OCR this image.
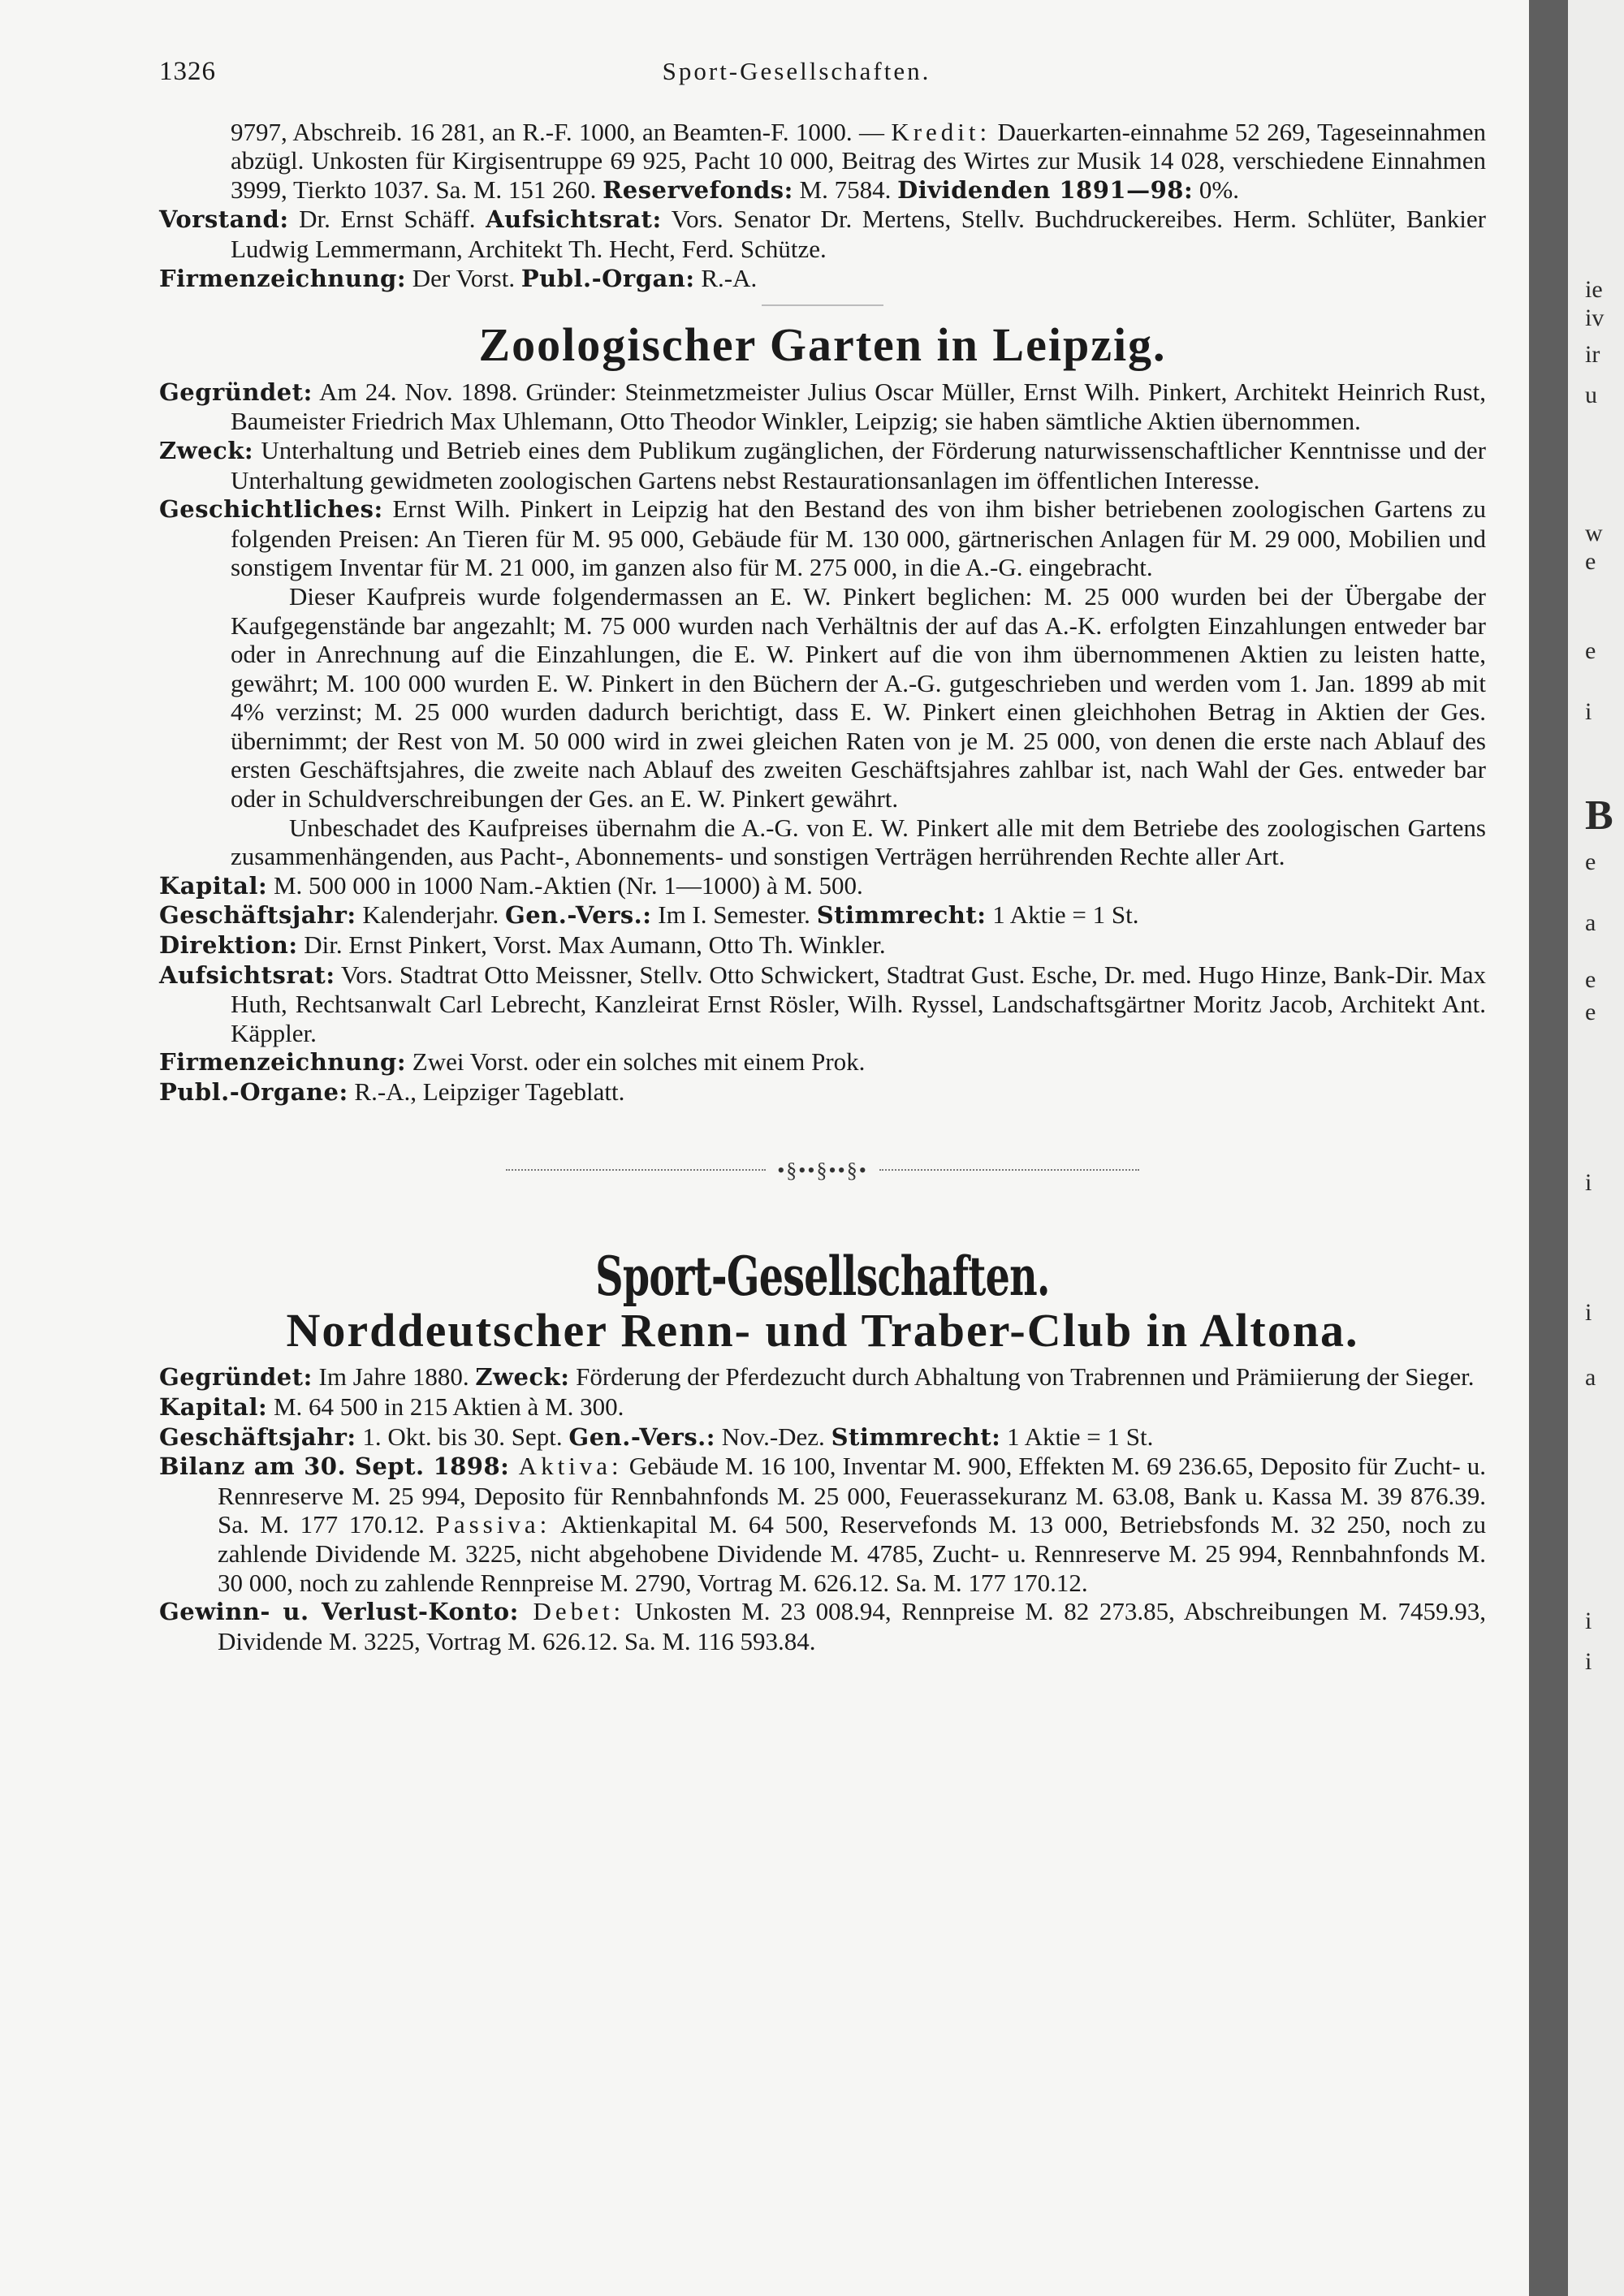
1326	Sport-Gesellschaften.

9797, Abschreib. 16 281, an R.-F. 1000, an Beamten-F. 1000. — Kredit: Dauerkarten-einnahme 52 269, Tageseinnahmen abzügl. Unkosten für Kirgisentruppe 69 925, Pacht 10 000, Beitrag des Wirtes zur Musik 14 028, verschiedene Einnahmen 3999, Tierkto 1037. Sa. M. 151 260. Reservefonds: M. 7584. Dividenden 1891—98: 0%.

Vorstand: Dr. Ernst Schäff. Aufsichtsrat: Vors. Senator Dr. Mertens, Stellv. Buchdruckereibes. Herm. Schlüter, Bankier Ludwig Lemmermann, Architekt Th. Hecht, Ferd. Schütze.

Firmenzeichnung: Der Vorst. Publ.-Organ: R.-A.

Zoologischer Garten in Leipzig.

Gegründet: Am 24. Nov. 1898. Gründer: Steinmetzmeister Julius Oscar Müller, Ernst Wilh. Pinkert, Architekt Heinrich Rust, Baumeister Friedrich Max Uhlemann, Otto Theodor Winkler, Leipzig; sie haben sämtliche Aktien übernommen.

Zweck: Unterhaltung und Betrieb eines dem Publikum zugänglichen, der Förderung naturwissenschaftlicher Kenntnisse und der Unterhaltung gewidmeten zoologischen Gartens nebst Restaurationsanlagen im öffentlichen Interesse.

Geschichtliches: Ernst Wilh. Pinkert in Leipzig hat den Bestand des von ihm bisher betriebenen zoologischen Gartens zu folgenden Preisen: An Tieren für M. 95 000, Gebäude für M. 130 000, gärtnerischen Anlagen für M. 29 000, Mobilien und sonstigem Inventar für M. 21 000, im ganzen also für M. 275 000, in die A.-G. eingebracht.

Dieser Kaufpreis wurde folgendermassen an E. W. Pinkert beglichen: M. 25 000 wurden bei der Übergabe der Kaufgegenstände bar angezahlt; M. 75 000 wurden nach Verhältnis der auf das A.-K. erfolgten Einzahlungen entweder bar oder in Anrechnung auf die Einzahlungen, die E. W. Pinkert auf die von ihm übernommenen Aktien zu leisten hatte, gewährt; M. 100 000 wurden E. W. Pinkert in den Büchern der A.-G. gutgeschrieben und werden vom 1. Jan. 1899 ab mit 4% verzinst; M. 25 000 wurden dadurch berichtigt, dass E. W. Pinkert einen gleichhohen Betrag in Aktien der Ges. übernimmt; der Rest von M. 50 000 wird in zwei gleichen Raten von je M. 25 000, von denen die erste nach Ablauf des ersten Geschäftsjahres, die zweite nach Ablauf des zweiten Geschäftsjahres zahlbar ist, nach Wahl der Ges. entweder bar oder in Schuldverschreibungen der Ges. an E. W. Pinkert gewährt.

Unbeschadet des Kaufpreises übernahm die A.-G. von E. W. Pinkert alle mit dem Betriebe des zoologischen Gartens zusammenhängenden, aus Pacht-, Abonnements- und sonstigen Verträgen herrührenden Rechte aller Art.

Kapital: M. 500 000 in 1000 Nam.-Aktien (Nr. 1—1000) à M. 500.

Geschäftsjahr: Kalenderjahr. Gen.-Vers.: Im I. Semester. Stimmrecht: 1 Aktie = 1 St.

Direktion: Dir. Ernst Pinkert, Vorst. Max Aumann, Otto Th. Winkler.

Aufsichtsrat: Vors. Stadtrat Otto Meissner, Stellv. Otto Schwickert, Stadtrat Gust. Esche, Dr. med. Hugo Hinze, Bank-Dir. Max Huth, Rechtsanwalt Carl Lebrecht, Kanzleirat Ernst Rösler, Wilh. Ryssel, Landschaftsgärtner Moritz Jacob, Architekt Ant. Käppler.

Firmenzeichnung: Zwei Vorst. oder ein solches mit einem Prok.

Publ.-Organe: R.-A., Leipziger Tageblatt.

•§••§••§•
Sport-Gesellschaften.
Norddeutscher Renn- und Traber-Club in Altona.

Gegründet: Im Jahre 1880. Zweck: Förderung der Pferdezucht durch Abhaltung von Trabrennen und Prämiierung der Sieger.

Kapital: M. 64 500 in 215 Aktien à M. 300.

Geschäftsjahr: 1. Okt. bis 30. Sept. Gen.-Vers.: Nov.-Dez. Stimmrecht: 1 Aktie = 1 St.

Bilanz am 30. Sept. 1898: Aktiva: Gebäude M. 16 100, Inventar M. 900, Effekten M. 69 236.65, Deposito für Zucht- u. Rennreserve M. 25 994, Deposito für Rennbahnfonds M. 25 000, Feuerassekuranz M. 63.08, Bank u. Kassa M. 39 876.39. Sa. M. 177 170.12. Passiva: Aktienkapital M. 64 500, Reservefonds M. 13 000, Betriebsfonds M. 32 250, noch zu zahlende Dividende M. 3225, nicht abgehobene Dividende M. 4785, Zucht- u. Rennreserve M. 25 994, Rennbahnfonds M. 30 000, noch zu zahlende Rennpreise M. 2790, Vortrag M. 626.12. Sa. M. 177 170.12.

Gewinn- u. Verlust-Konto: Debet: Unkosten M. 23 008.94, Rennpreise M. 82 273.85, Abschreibungen M. 7459.93, Dividende M. 3225, Vortrag M. 626.12. Sa. M. 116 593.84.

ie
iv
ir
u
w
e
e
i
B
e
a
e
e
i
i
a
i
i
